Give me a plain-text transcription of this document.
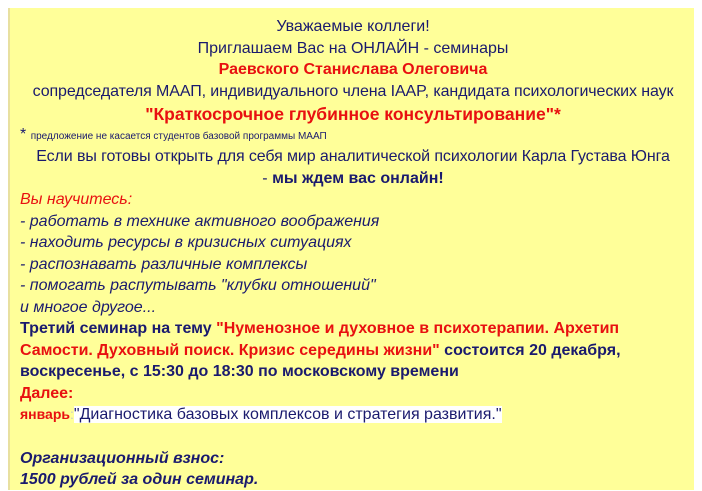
Уважаемые коллеги!
Приглашаем Вас на ОНЛАЙН - семинары
Раевского Станислава Олеговича
сопредседателя МААП, индивидуального члена IAAP, кандидата психологических наук
"Краткосрочное глубинное консультирование"*
* предложение не касается студентов базовой программы МААП
Если вы готовы открыть для себя мир аналитической психологии Карла Густава Юнга
- мы ждем вас онлайн!
Вы научитесь:
- работать в технике активного воображения
- находить ресурсы в кризисных ситуациях
- распознавать различные комплексы
- помогать распутывать "клубки отношений"
и многое другое...
Третий семинар на тему "Нуменозное и духовное в психотерапии. Архетип
Самости. Духовный поиск. Кризис середины жизни" состоится 20 декабря,
воскресенье, с 15:30 до 18:30 по московскому времени
Далее:
январь:"Диагностика базовых комплексов и стратегия развития."
Организационный взнос:
1500 рублей за один семинар.
